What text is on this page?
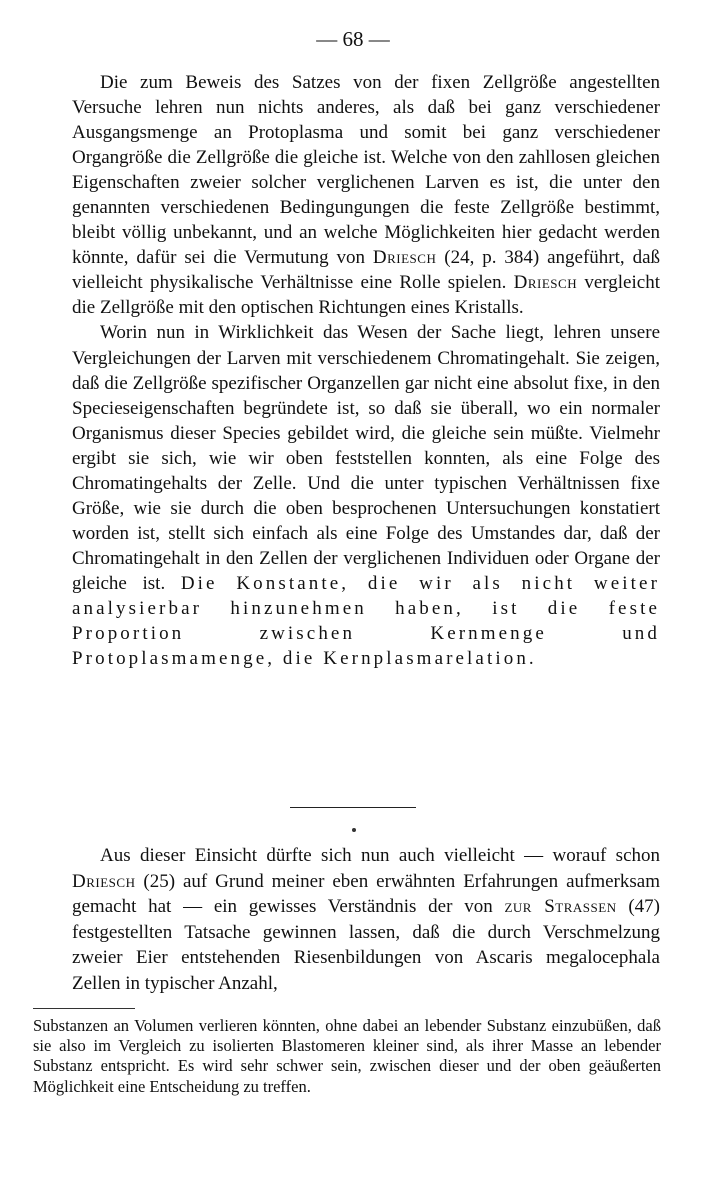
— 68 —

Die zum Beweis des Satzes von der fixen Zellgröße angestellten Versuche lehren nun nichts anderes, als daß bei ganz verschiedener Ausgangsmenge an Protoplasma und somit bei ganz verschiedener Organgröße die Zellgröße die gleiche ist. Welche von den zahllosen gleichen Eigenschaften zweier solcher verglichenen Larven es ist, die unter den genannten verschiedenen Bedingungungen die feste Zellgröße bestimmt, bleibt völlig unbekannt, und an welche Möglichkeiten hier gedacht werden könnte, dafür sei die Vermutung von Driesch (24, p. 384) angeführt, daß vielleicht physikalische Verhältnisse eine Rolle spielen. Driesch vergleicht die Zellgröße mit den optischen Richtungen eines Kristalls.

Worin nun in Wirklichkeit das Wesen der Sache liegt, lehren unsere Vergleichungen der Larven mit verschiedenem Chromatingehalt. Sie zeigen, daß die Zellgröße spezifischer Organzellen gar nicht eine absolut fixe, in den Specieseigenschaften begründete ist, so daß sie überall, wo ein normaler Organismus dieser Species gebildet wird, die gleiche sein müßte. Vielmehr ergibt sie sich, wie wir oben feststellen konnten, als eine Folge des Chromatingehalts der Zelle. Und die unter typischen Verhältnissen fixe Größe, wie sie durch die oben besprochenen Untersuchungen konstatiert worden ist, stellt sich einfach als eine Folge des Umstandes dar, daß der Chromatingehalt in den Zellen der verglichenen Individuen oder Organe der gleiche ist. Die Konstante, die wir als nicht weiter analysierbar hinzunehmen haben, ist die feste Proportion zwischen Kernmenge und Protoplasmamenge, die Kernplasmarelation.

Aus dieser Einsicht dürfte sich nun auch vielleicht — worauf schon Driesch (25) auf Grund meiner eben erwähnten Erfahrungen aufmerksam gemacht hat — ein gewisses Verständnis der von zur Strassen (47) festgestellten Tatsache gewinnen lassen, daß die durch Verschmelzung zweier Eier entstehenden Riesenbildungen von Ascaris megalocephala Zellen in typischer Anzahl,

Substanzen an Volumen verlieren könnten, ohne dabei an lebender Substanz einzubüßen, daß sie also im Vergleich zu isolierten Blastomeren kleiner sind, als ihrer Masse an lebender Substanz entspricht. Es wird sehr schwer sein, zwischen dieser und der oben geäußerten Möglichkeit eine Entscheidung zu treffen.
